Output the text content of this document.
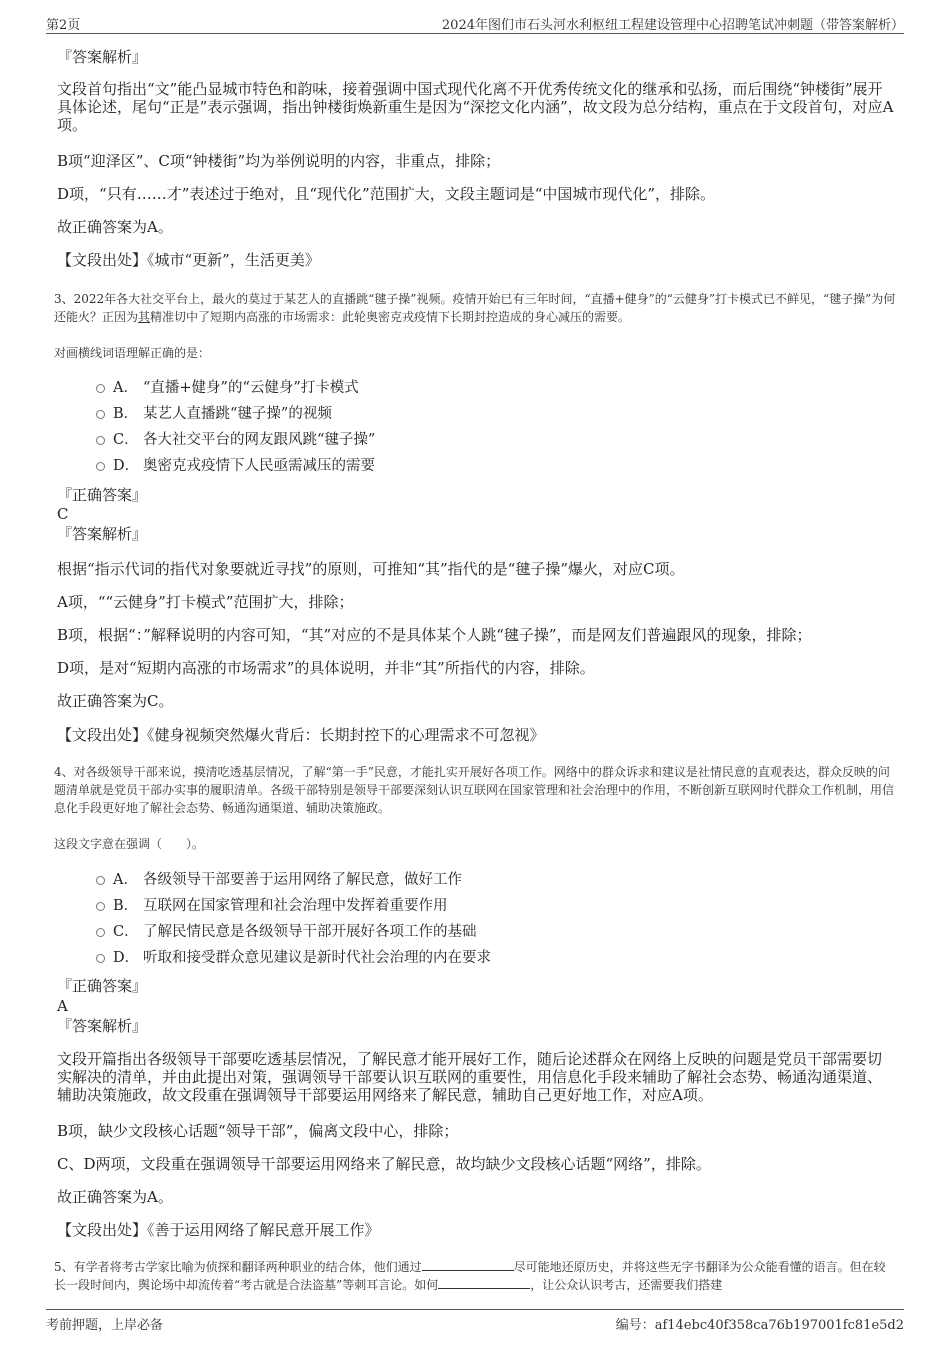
第2页	2024年图们市石头河水利枢纽工程建设管理中心招聘笔试冲刺题（带答案解析）
『答案解析』
文段首句指出“文”能凸显城市特色和韵味，接着强调中国式现代化离不开优秀传统文化的继承和弘扬，而后围绕“钟楼街”展开具体论述，尾句“正是”表示强调，指出钟楼街焕新重生是因为“深挖文化内涵”，故文段为总分结构，重点在于文段首句，对应A项。
B项“迎泽区”、C项“钟楼街”均为举例说明的内容，非重点，排除；
D项，“只有……才”表述过于绝对，且“现代化”范围扩大，文段主题词是“中国城市现代化”，排除。
故正确答案为A。
【文段出处】《城市“更新”，生活更美》
3、2022年各大社交平台上，最火的莫过于某艺人的直播跳“毽子操”视频。疫情开始已有三年时间，“直播+健身”的“云健身”打卡模式已不鲜见，“毽子操”为何还能火？正因为其精准切中了短期内高涨的市场需求：此轮奥密克戎疫情下长期封控造成的身心减压的需要。
对画横线词语理解正确的是：
A． “直播+健身”的“云健身”打卡模式
B． 某艺人直播跳“毽子操”的视频
C． 各大社交平台的网友跟风跳“毽子操”
D． 奥密克戎疫情下人民亟需减压的需要
『正确答案』
C
『答案解析』
根据“指示代词的指代对象要就近寻找”的原则，可推知“其”指代的是“毽子操”爆火，对应C项。
A项，““云健身”打卡模式”范围扩大，排除；
B项，根据“：”解释说明的内容可知，“其”对应的不是具体某个人跳“毽子操”，而是网友们普遍跟风的现象，排除；
D项，是对“短期内高涨的市场需求”的具体说明，并非“其”所指代的内容，排除。
故正确答案为C。
【文段出处】《健身视频突然爆火背后：长期封控下的心理需求不可忽视》
4、对各级领导干部来说，摸清吃透基层情况，了解“第一手”民意，才能扎实开展好各项工作。网络中的群众诉求和建议是社情民意的直观表达，群众反映的问题清单就是党员干部办实事的履职清单。各级干部特别是领导干部要深刻认识互联网在国家管理和社会治理中的作用，不断创新互联网时代群众工作机制，用信息化手段更好地了解社会态势、畅通沟通渠道、辅助决策施政。
这段文字意在强调（　　）。
A． 各级领导干部要善于运用网络了解民意，做好工作
B． 互联网在国家管理和社会治理中发挥着重要作用
C． 了解民情民意是各级领导干部开展好各项工作的基础
D． 听取和接受群众意见建议是新时代社会治理的内在要求
『正确答案』
A
『答案解析』
文段开篇指出各级领导干部要吃透基层情况，了解民意才能开展好工作，随后论述群众在网络上反映的问题是党员干部需要切实解决的清单，并由此提出对策，强调领导干部要认识互联网的重要性，用信息化手段来辅助了解社会态势、畅通沟通渠道、辅助决策施政，故文段重在强调领导干部要运用网络来了解民意，辅助自己更好地工作，对应A项。
B项，缺少文段核心话题“领导干部”，偏离文段中心，排除；
C、D两项，文段重在强调领导干部要运用网络来了解民意，故均缺少文段核心话题“网络”，排除。
故正确答案为A。
【文段出处】《善于运用网络了解民意开展工作》
5、有学者将考古学家比喻为侦探和翻译两种职业的结合体，他们通过	尽可能地还原历史，并将这些无字书翻译为公众能看懂的语言。但在较长一段时间内，舆论场中却流传着“考古就是合法盗墓”等刺耳言论。如何	，让公众认识考古，还需要我们搭建
考前押题，上岸必备	编号：af14ebc40f358ca76b197001fc81e5d2
